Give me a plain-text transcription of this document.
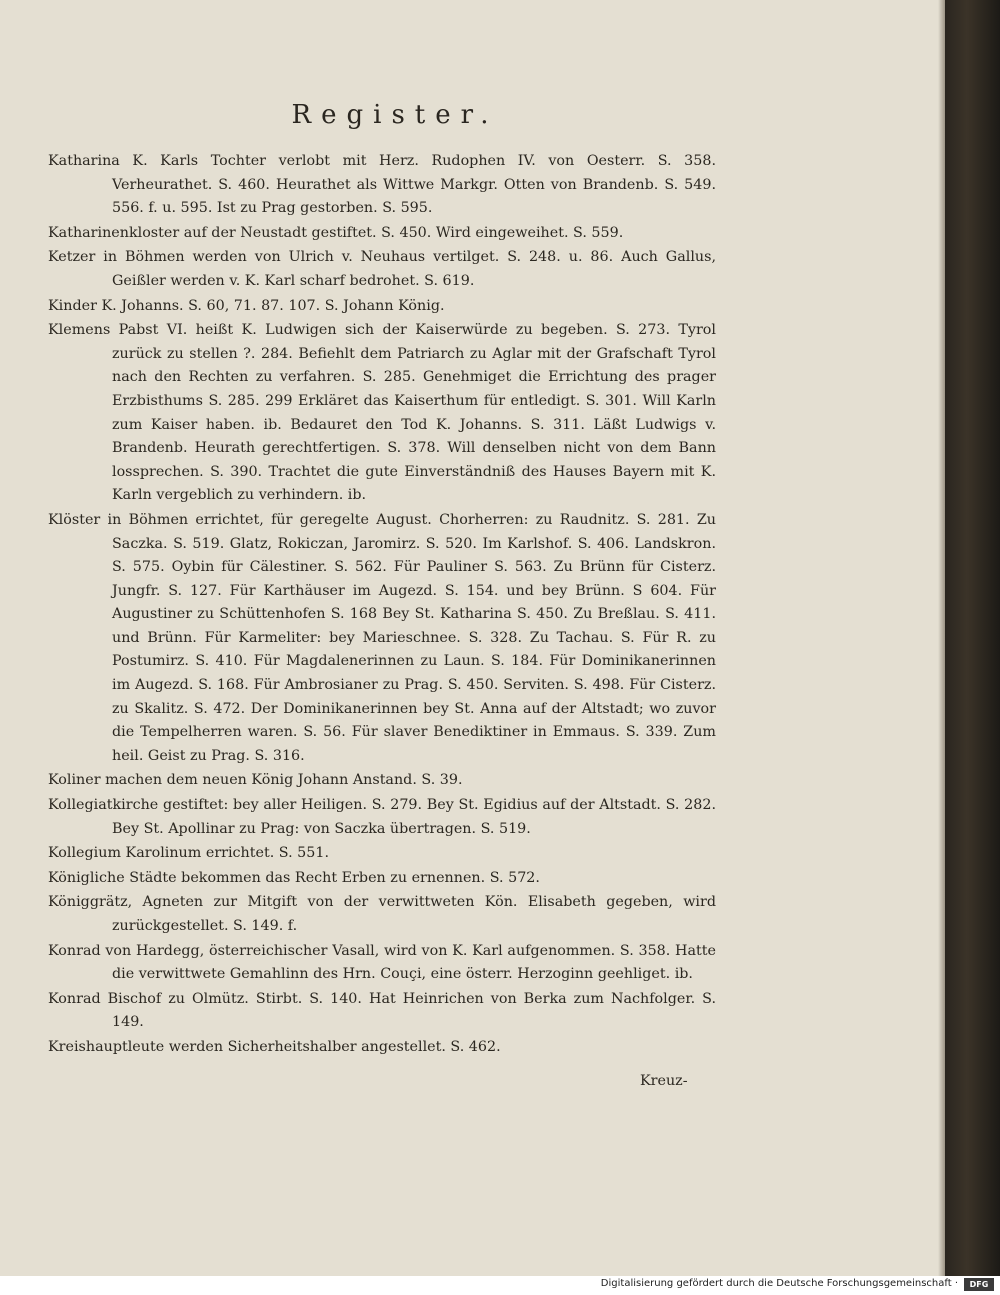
Register.

Katharina K. Karls Tochter verlobt mit Herz. Rudophen IV. von Oesterr. S. 358. Verheurathet. S. 460. Heurathet als Wittwe Markgr. Otten von Brandenb. S. 549. 556. f. u. 595. Ist zu Prag gestorben. S. 595.

Katharinenkloster auf der Neustadt gestiftet. S. 450. Wird eingeweihet. S. 559.

Ketzer in Böhmen werden von Ulrich v. Neuhaus vertilget. S. 248. u. 86. Auch Gallus, Geißler werden v. K. Karl scharf bedrohet. S. 619.

Kinder K. Johanns. S. 60, 71. 87. 107. S. Johann König.

Klemens Pabst VI. heißt K. Ludwigen sich der Kaiserwürde zu begeben. S. 273. Tyrol zurück zu stellen ?. 284. Befiehlt dem Patriarch zu Aglar mit der Grafschaft Tyrol nach den Rechten zu verfahren. S. 285. Genehmiget die Errichtung des prager Erzbisthums S. 285. 299 Erkläret das Kaiserthum für entledigt. S. 301. Will Karln zum Kaiser haben. ib. Bedauret den Tod K. Johanns. S. 311. Läßt Ludwigs v. Brandenb. Heurath gerechtfertigen. S. 378. Will denselben nicht von dem Bann lossprechen. S. 390. Trachtet die gute Einverständniß des Hauses Bayern mit K. Karln vergeblich zu verhindern. ib.

Klöster in Böhmen errichtet, für geregelte August. Chorherren: zu Raudnitz. S. 281. Zu Saczka. S. 519. Glatz, Rokiczan, Jaromirz. S. 520. Im Karlshof. S. 406. Landskron. S. 575. Oybin für Cälestiner. S. 562. Für Pauliner S. 563. Zu Brünn für Cisterz. Jungfr. S. 127. Für Karthäuser im Augezd. S. 154. und bey Brünn. S 604. Für Augustiner zu Schüttenhofen S. 168 Bey St. Katharina S. 450. Zu Breßlau. S. 411. und Brünn. Für Karmeliter: bey Marieschnee. S. 328. Zu Tachau. S. Für R. zu Postumirz. S. 410. Für Magdalenerinnen zu Laun. S. 184. Für Dominikanerinnen im Augezd. S. 168. Für Ambrosianer zu Prag. S. 450. Serviten. S. 498. Für Cisterz. zu Skalitz. S. 472. Der Dominikanerinnen bey St. Anna auf der Altstadt; wo zuvor die Tempelherren waren. S. 56. Für slaver Benediktiner in Emmaus. S. 339. Zum heil. Geist zu Prag. S. 316.

Koliner machen dem neuen König Johann Anstand. S. 39.

Kollegiatkirche gestiftet: bey aller Heiligen. S. 279. Bey St. Egidius auf der Altstadt. S. 282. Bey St. Apollinar zu Prag: von Saczka übertragen. S. 519.

Kollegium Karolinum errichtet. S. 551.

Königliche Städte bekommen das Recht Erben zu ernennen. S. 572.

Königgrätz, Agneten zur Mitgift von der verwittweten Kön. Elisabeth gegeben, wird zurückgestellet. S. 149. f.

Konrad von Hardegg, österreichischer Vasall, wird von K. Karl aufgenommen. S. 358. Hatte die verwittwete Gemahlinn des Hrn. Couçi, eine österr. Herzoginn geehliget. ib.

Konrad Bischof zu Olmütz. Stirbt. S. 140. Hat Heinrichen von Berka zum Nachfolger. S. 149.

Kreishauptleute werden Sicherheitshalber angestellet. S. 462.

Kreuz-
Digitalisierung gefördert durch die Deutsche Forschungsgemeinschaft ·	DFG
